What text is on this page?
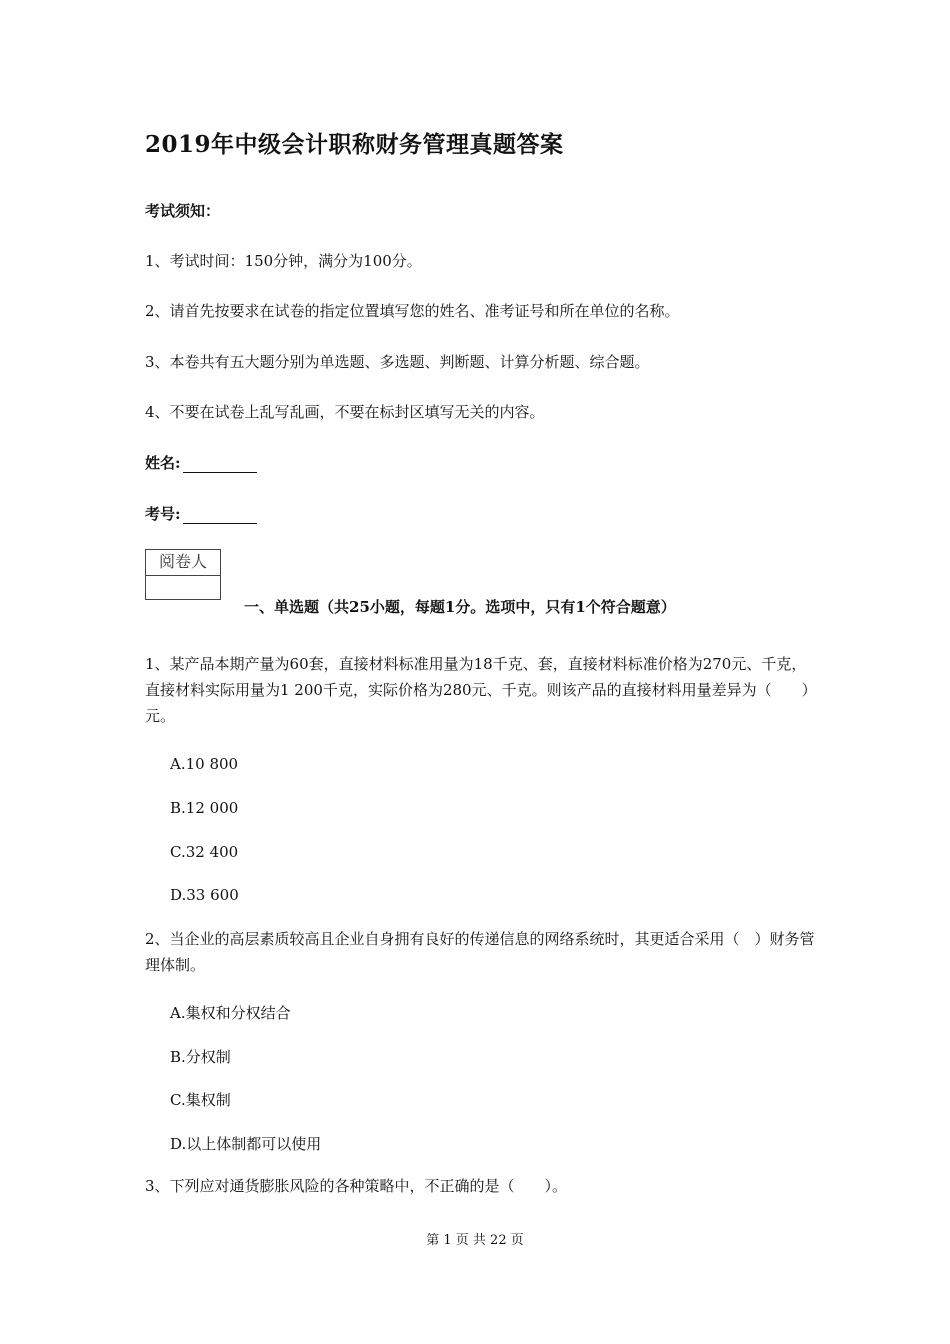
2019年中级会计职称财务管理真题答案
考试须知：
1、考试时间：150分钟，满分为100分。
2、请首先按要求在试卷的指定位置填写您的姓名、准考证号和所在单位的名称。
3、本卷共有五大题分别为单选题、多选题、判断题、计算分析题、综合题。
4、不要在试卷上乱写乱画，不要在标封区填写无关的内容。
姓名:
考号:
阅卷人
一、单选题（共25小题，每题1分。选项中，只有1个符合题意）
1、某产品本期产量为60套，直接材料标准用量为18千克、套，直接材料标准价格为270元、千克，直接材料实际用量为1 200千克，实际价格为280元、千克。则该产品的直接材料用量差异为（　　）元。
A.10 800
B.12 000
C.32 400
D.33 600
2、当企业的高层素质较高且企业自身拥有良好的传递信息的网络系统时，其更适合采用（　）财务管理体制。
A.集权和分权结合
B.分权制
C.集权制
D.以上体制都可以使用
3、下列应对通货膨胀风险的各种策略中，不正确的是（　　）。
第 1 页 共 22 页
